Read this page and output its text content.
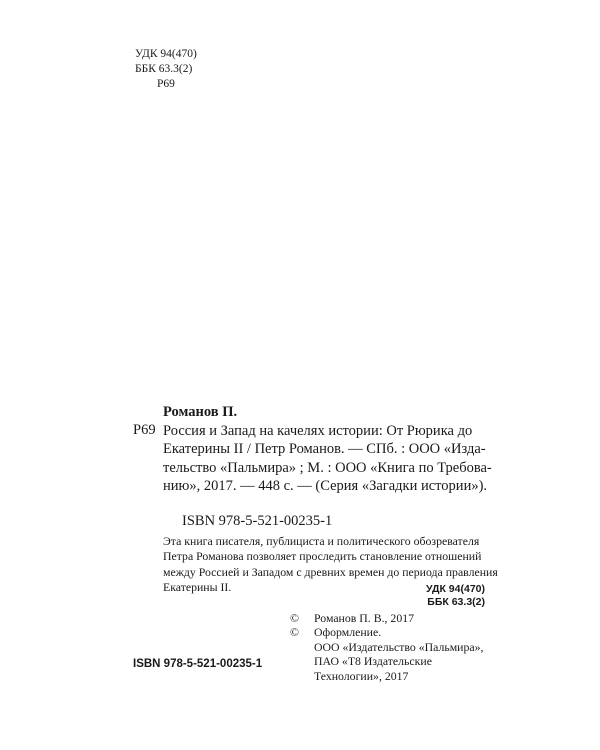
УДК 94(470)
ББК 63.3(2)
Р69
Романов П.
Р69 Россия и Запад на качелях истории: От Рюрика до
Екатерины II / Петр Романов. — СПб. : ООО «Изда-
тельство «Пальмира» ; М. : ООО «Книга по Требова-
нию», 2017. — 448 с. — (Серия «Загадки истории»).
ISBN 978-5-521-00235-1
Эта книга писателя, публициста и политического обозревателя
Петра Романова позволяет проследить становление отношений
между Россией и Западом с древних времен до периода правления
Екатерины II.	УДК 94(470)
ББК 63.3(2)
©	Романов П. В., 2017
©	Оформление.
ООО «Издательство «Пальмира»,
ПАО «Т8 Издательские
Технологии», 2017
ISBN 978-5-521-00235-1
